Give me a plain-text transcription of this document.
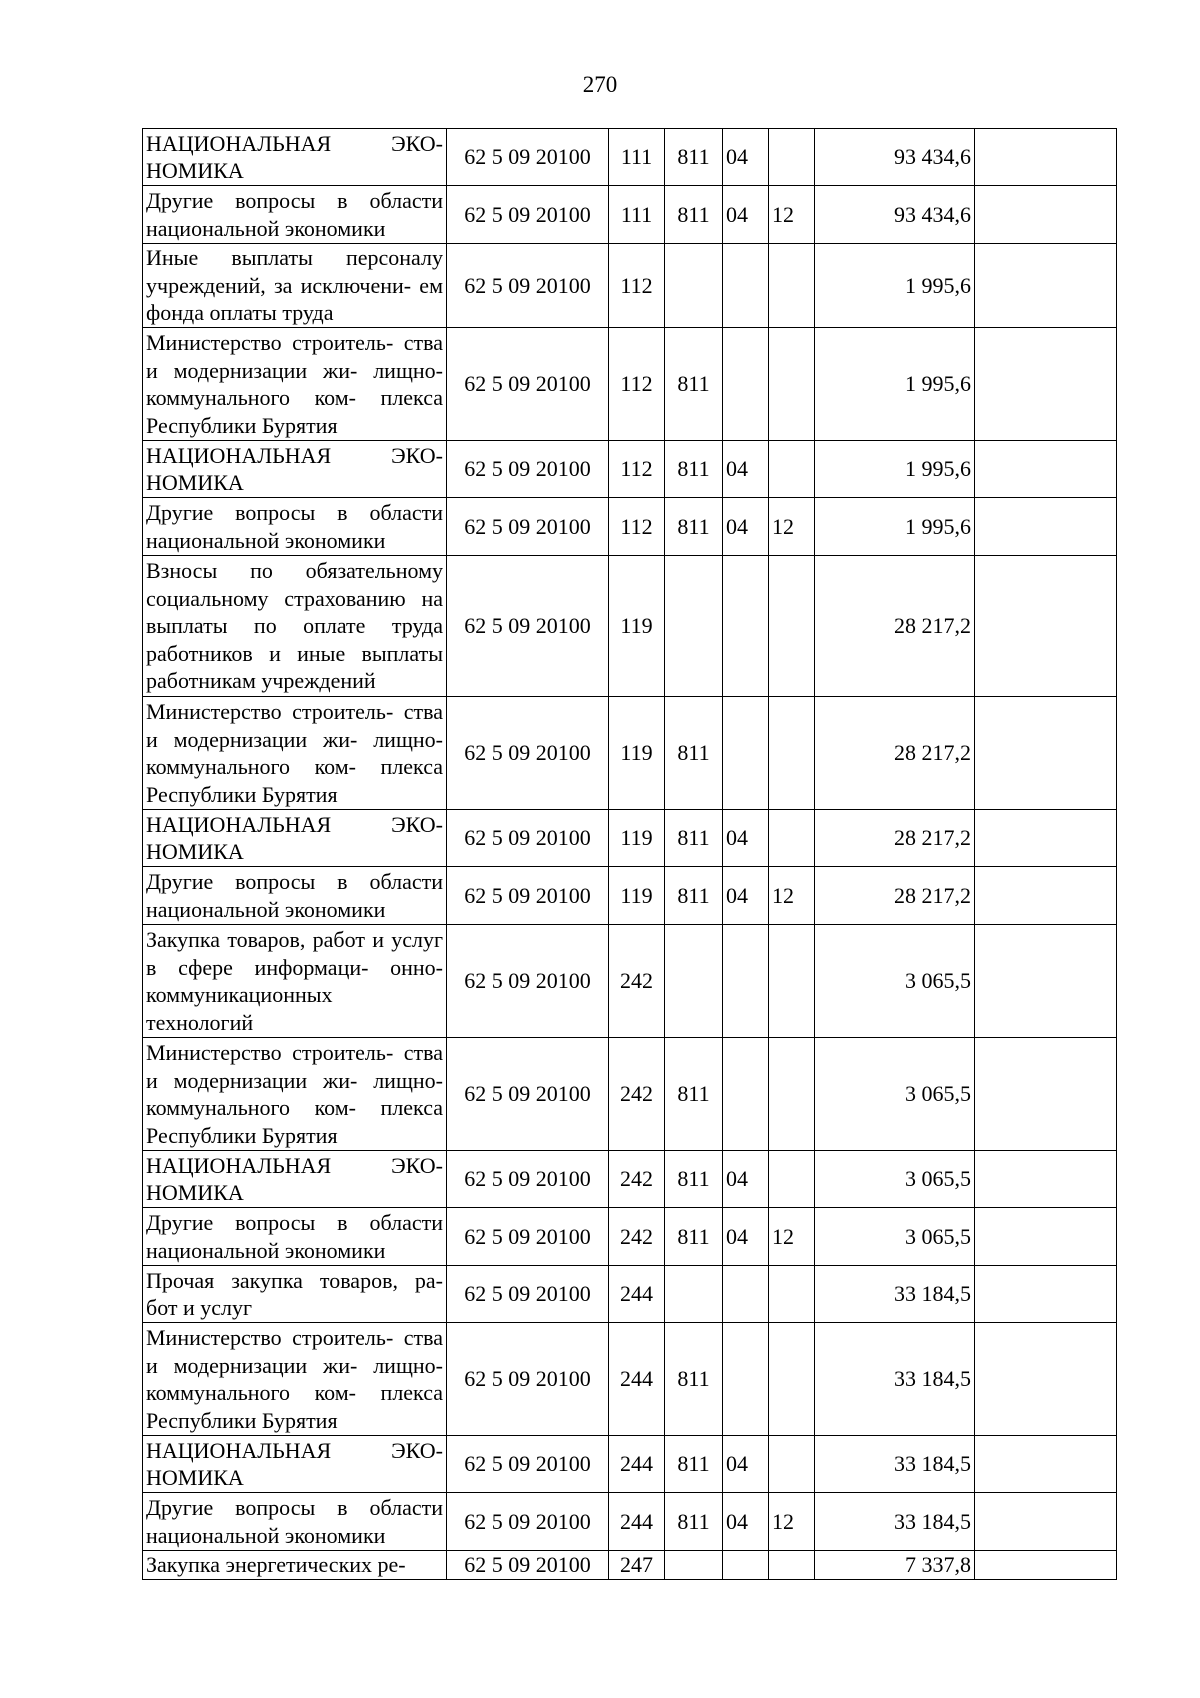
270
НАЦИОНАЛЬНАЯ ЭКО- НОМИКА	62 5 09 20100	111	811	04		93 434,6	
Другие вопросы в области национальной экономики	62 5 09 20100	111	811	04	12	93 434,6	
Иные выплаты персоналу учреждений, за исключени- ем фонда оплаты труда	62 5 09 20100	112				1 995,6	
Министерство строитель- ства и модернизации жи- лищно-коммунального ком- плекса Республики Бурятия	62 5 09 20100	112	811			1 995,6	
НАЦИОНАЛЬНАЯ ЭКО- НОМИКА	62 5 09 20100	112	811	04		1 995,6	
Другие вопросы в области национальной экономики	62 5 09 20100	112	811	04	12	1 995,6	
Взносы по обязательному социальному страхованию на выплаты по оплате труда работников и иные выплаты работникам учреждений	62 5 09 20100	119				28 217,2	
Министерство строитель- ства и модернизации жи- лищно-коммунального ком- плекса Республики Бурятия	62 5 09 20100	119	811			28 217,2	
НАЦИОНАЛЬНАЯ ЭКО- НОМИКА	62 5 09 20100	119	811	04		28 217,2	
Другие вопросы в области национальной экономики	62 5 09 20100	119	811	04	12	28 217,2	
Закупка товаров, работ и услуг в сфере информаци- онно-коммуникационных технологий	62 5 09 20100	242				3 065,5	
Министерство строитель- ства и модернизации жи- лищно-коммунального ком- плекса Республики Бурятия	62 5 09 20100	242	811			3 065,5	
НАЦИОНАЛЬНАЯ ЭКО- НОМИКА	62 5 09 20100	242	811	04		3 065,5	
Другие вопросы в области национальной экономики	62 5 09 20100	242	811	04	12	3 065,5	
Прочая закупка товаров, ра- бот и услуг	62 5 09 20100	244				33 184,5	
Министерство строитель- ства и модернизации жи- лищно-коммунального ком- плекса Республики Бурятия	62 5 09 20100	244	811			33 184,5	
НАЦИОНАЛЬНАЯ ЭКО- НОМИКА	62 5 09 20100	244	811	04		33 184,5	
Другие вопросы в области национальной экономики	62 5 09 20100	244	811	04	12	33 184,5	
Закупка энергетических ре-	62 5 09 20100	247				7 337,8	
